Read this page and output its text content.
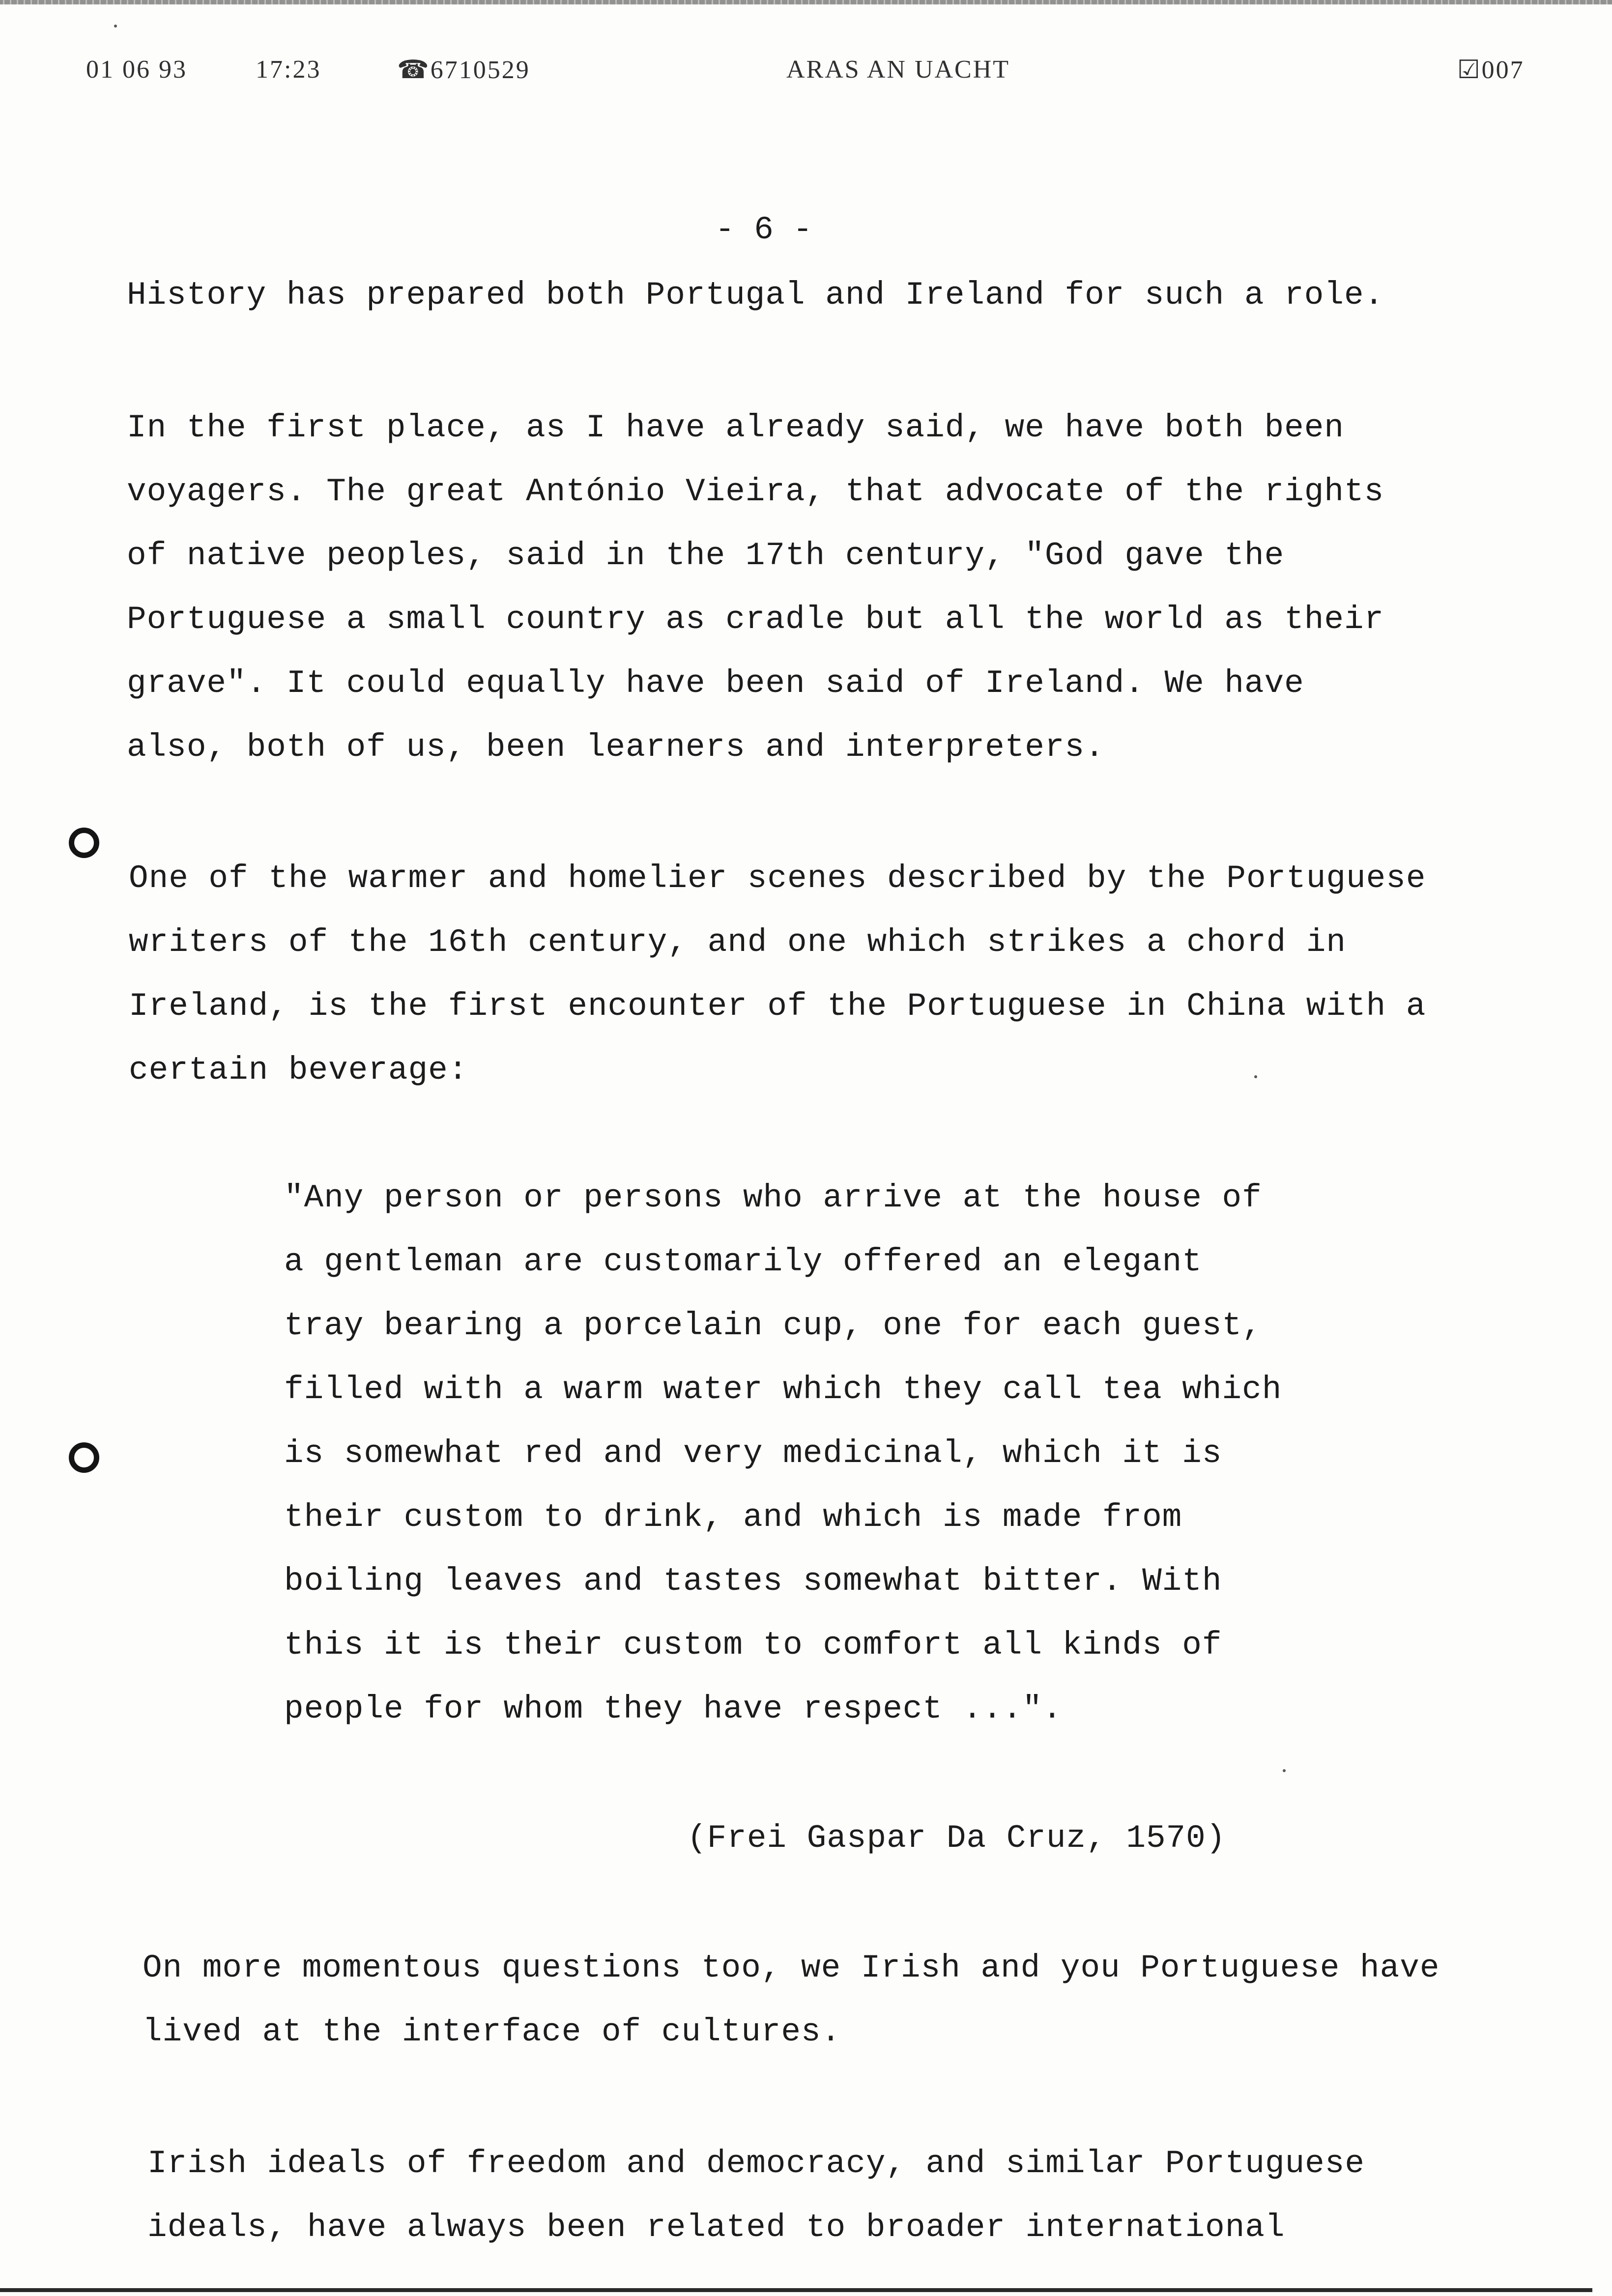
01 06 93	17:23	☎6710529	ARAS AN UACHT	☑007
- 6 -
History has prepared both Portugal and Ireland for such a role.
In the first place, as I have already said, we have both been
voyagers. The great António Vieira, that advocate of the rights
of native peoples, said in the 17th century, "God gave the
Portuguese a small country as cradle but all the world as their
grave". It could equally have been said of Ireland. We have
also, both of us, been learners and interpreters.
One of the warmer and homelier scenes described by the Portuguese
writers of the 16th century, and one which strikes a chord in
Ireland, is the first encounter of the Portuguese in China with a
certain beverage:
"Any person or persons who arrive at the house of
a gentleman are customarily offered an elegant
tray bearing a porcelain cup, one for each guest,
filled with a warm water which they call tea which
is somewhat red and very medicinal, which it is
their custom to drink, and which is made from
boiling leaves and tastes somewhat bitter. With
this it is their custom to comfort all kinds of
people for whom they have respect ...".
(Frei Gaspar Da Cruz, 1570)
On more momentous questions too, we Irish and you Portuguese have
lived at the interface of cultures.
Irish ideals of freedom and democracy, and similar Portuguese
ideals, have always been related to broader international
